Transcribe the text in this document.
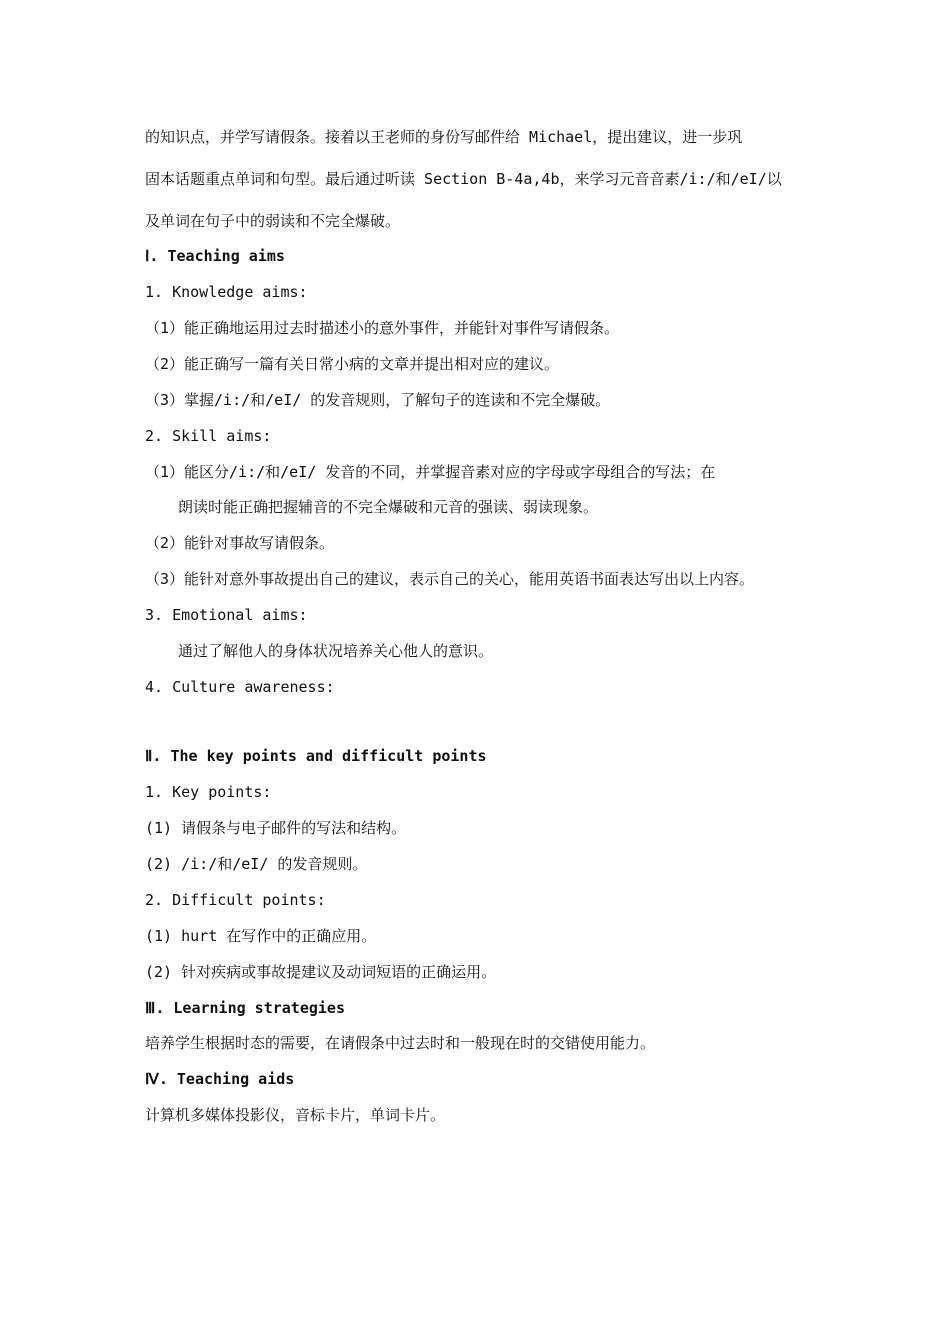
的知识点，并学写请假条。接着以王老师的身份写邮件给 Michael，提出建议，进一步巩
固本话题重点单词和句型。最后通过听读 Section B-4a,4b，来学习元音音素/i:/和/eI/以
及单词在句子中的弱读和不完全爆破。
Ⅰ. Teaching aims
1. Knowledge aims:
（1）能正确地运用过去时描述小的意外事件，并能针对事件写请假条。
（2）能正确写一篇有关日常小病的文章并提出相对应的建议。
（3）掌握/i:/和/eI/ 的发音规则，了解句子的连读和不完全爆破。
2. Skill aims:
（1）能区分/i:/和/eI/ 发音的不同，并掌握音素对应的字母或字母组合的写法；在
朗读时能正确把握辅音的不完全爆破和元音的强读、弱读现象。
（2）能针对事故写请假条。
（3）能针对意外事故提出自己的建议，表示自己的关心，能用英语书面表达写出以上内容。
3. Emotional aims:
通过了解他人的身体状况培养关心他人的意识。
4. Culture awareness:
Ⅱ. The key points and difficult points
1. Key points:
(1) 请假条与电子邮件的写法和结构。
(2) /i:/和/eI/ 的发音规则。
2. Difficult points:
(1) hurt 在写作中的正确应用。
(2) 针对疾病或事故提建议及动词短语的正确运用。
Ⅲ. Learning strategies
培养学生根据时态的需要，在请假条中过去时和一般现在时的交错使用能力。
Ⅳ. Teaching aids
计算机多媒体投影仪，音标卡片，单词卡片。
